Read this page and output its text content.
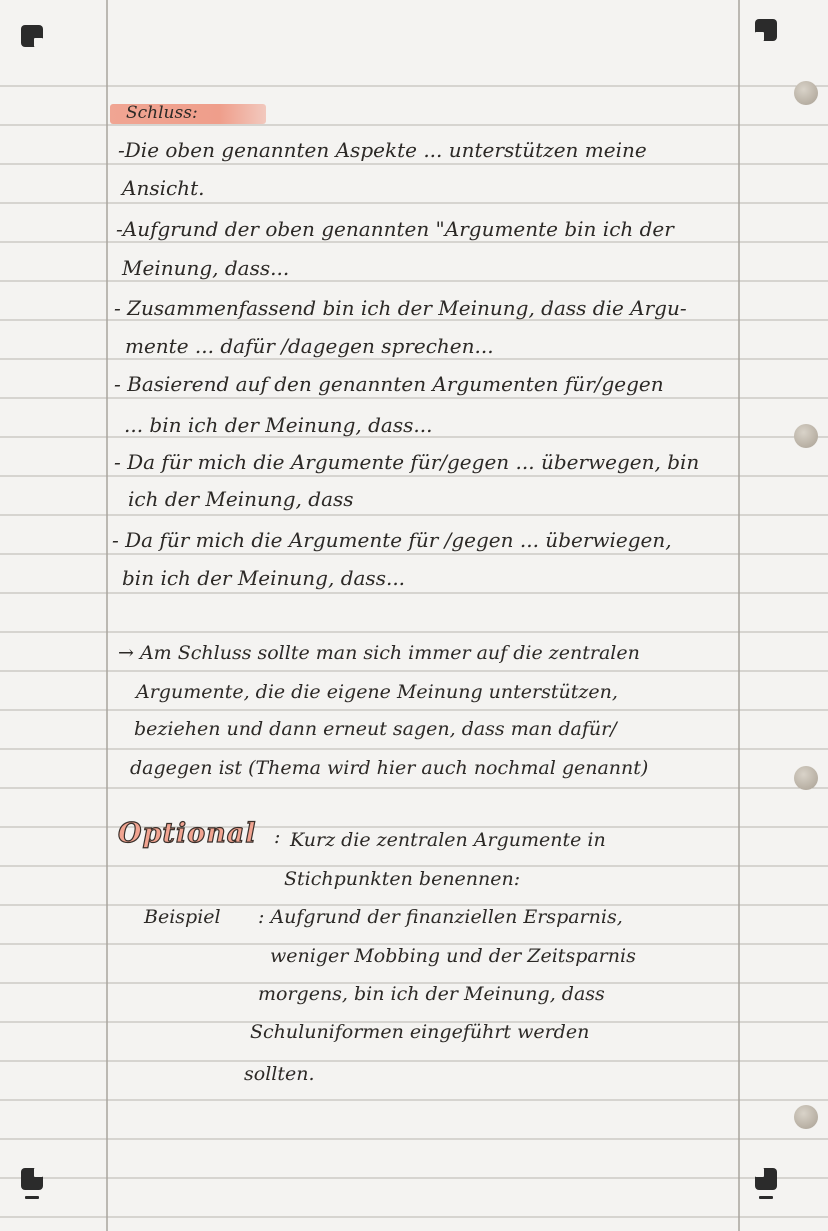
Schluss:
-Die oben genannten Aspekte ... unterstützen meine
Ansicht.
-Aufgrund der oben genannten "Argumente bin ich der
Meinung, dass...
- Zusammenfassend bin ich der Meinung, dass die Argu-
mente ... dafür /dagegen sprechen...
- Basierend auf den genannten Argumenten für/gegen
... bin ich der Meinung, dass...
- Da für mich die Argumente für/gegen ... überwegen, bin
ich der Meinung, dass
- Da für mich die Argumente für /gegen ... überwiegen,
bin ich der Meinung, dass...
→ Am Schluss sollte man sich immer auf die zentralen
Argumente, die die eigene Meinung unterstützen,
beziehen und dann erneut sagen, dass man dafür/
dagegen ist (Thema wird hier auch nochmal genannt)
Optional : Kurz die zentralen Argumente in
Stichpunkten benennen:
Beispiel : Aufgrund der finanziellen Ersparnis,
weniger Mobbing und der Zeitsparnis
morgens, bin ich der Meinung, dass
Schuluniformen eingeführt werden
sollten.
